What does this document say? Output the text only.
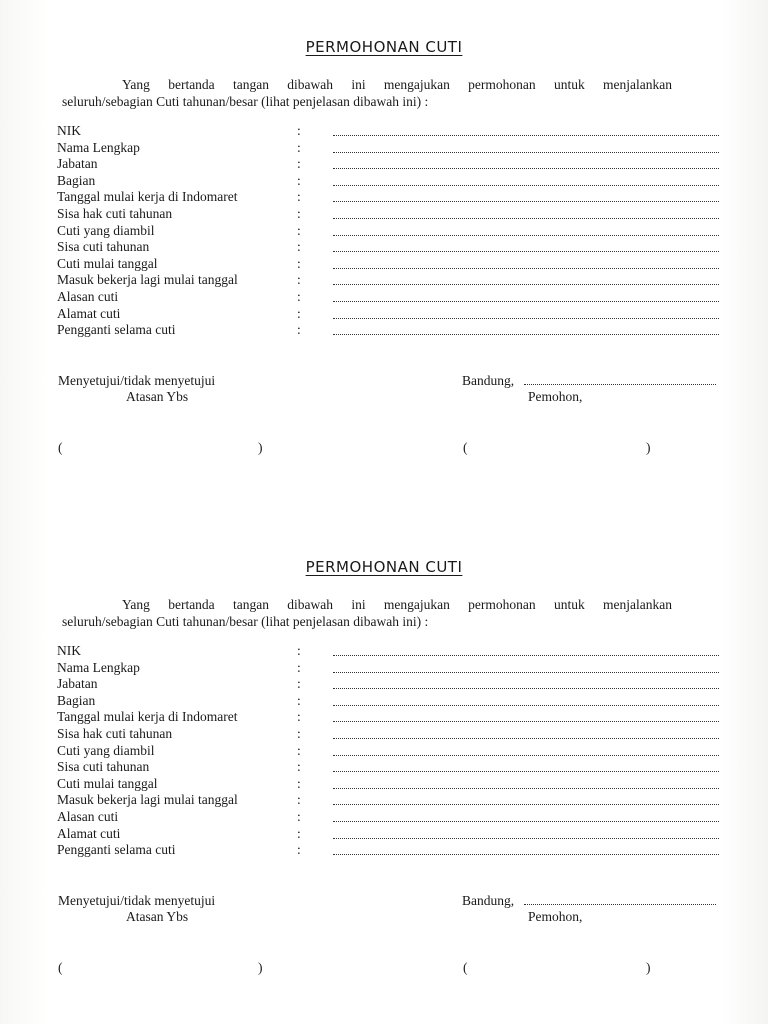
PERMOHONAN CUTI
Yang bertanda tangan dibawah ini mengajukan permohonan untuk menjalankan
seluruh/sebagian Cuti tahunan/besar (lihat penjelasan dibawah ini) :
NIK	:
Nama Lengkap	:
Jabatan	:
Bagian	:
Tanggal mulai kerja di Indomaret	:
Sisa hak cuti tahunan	:
Cuti yang diambil	:
Sisa cuti tahunan	:
Cuti mulai tanggal	:
Masuk bekerja lagi mulai tanggal	:
Alasan cuti	:
Alamat cuti	:
Pengganti selama cuti	:
Menyetujui/tidak menyetujui
Atasan Ybs
Bandung,
Pemohon,
(	)	(	)
PERMOHONAN CUTI
Yang bertanda tangan dibawah ini mengajukan permohonan untuk menjalankan
seluruh/sebagian Cuti tahunan/besar (lihat penjelasan dibawah ini) :
NIK	:
Nama Lengkap	:
Jabatan	:
Bagian	:
Tanggal mulai kerja di Indomaret	:
Sisa hak cuti tahunan	:
Cuti yang diambil	:
Sisa cuti tahunan	:
Cuti mulai tanggal	:
Masuk bekerja lagi mulai tanggal	:
Alasan cuti	:
Alamat cuti	:
Pengganti selama cuti	:
Menyetujui/tidak menyetujui
Atasan Ybs
Bandung,
Pemohon,
(	)	(	)
